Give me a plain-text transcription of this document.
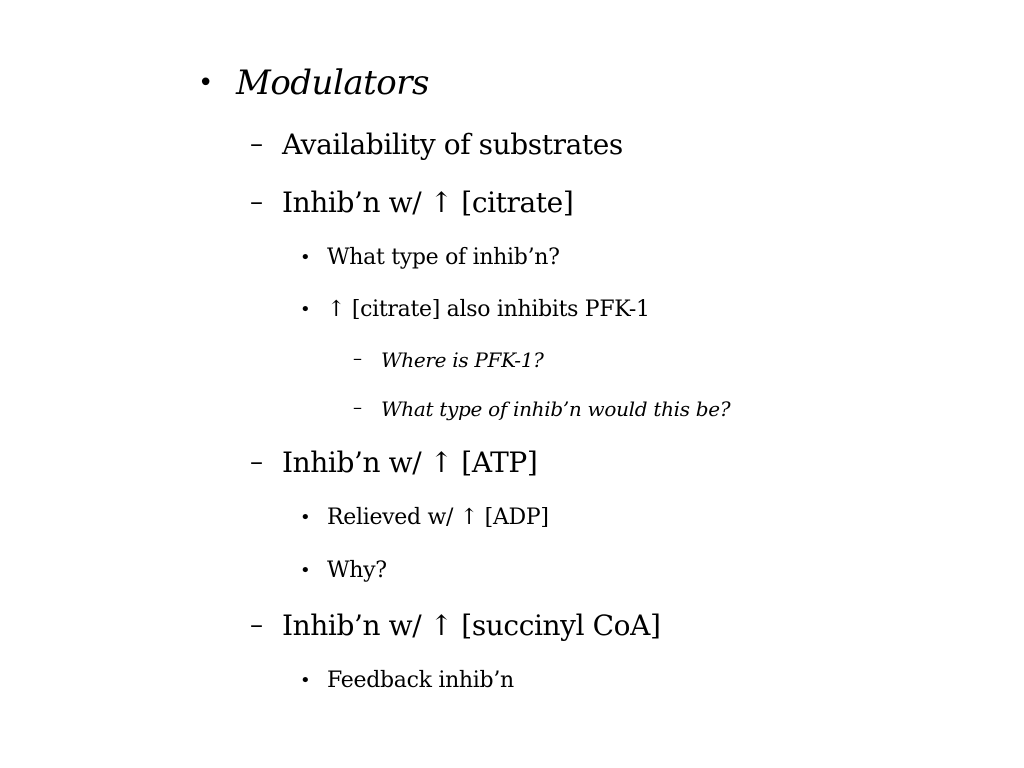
• Modulators
– Availability of substrates
– Inhib’n w/ ↑ [citrate]
• What type of inhib’n?
• ↑ [citrate] also inhibits PFK-1
– Where is PFK-1?
– What type of inhib’n would this be?
– Inhib’n w/ ↑ [ATP]
• Relieved w/ ↑ [ADP]
• Why?
– Inhib’n w/ ↑ [succinyl CoA]
• Feedback inhib’n
